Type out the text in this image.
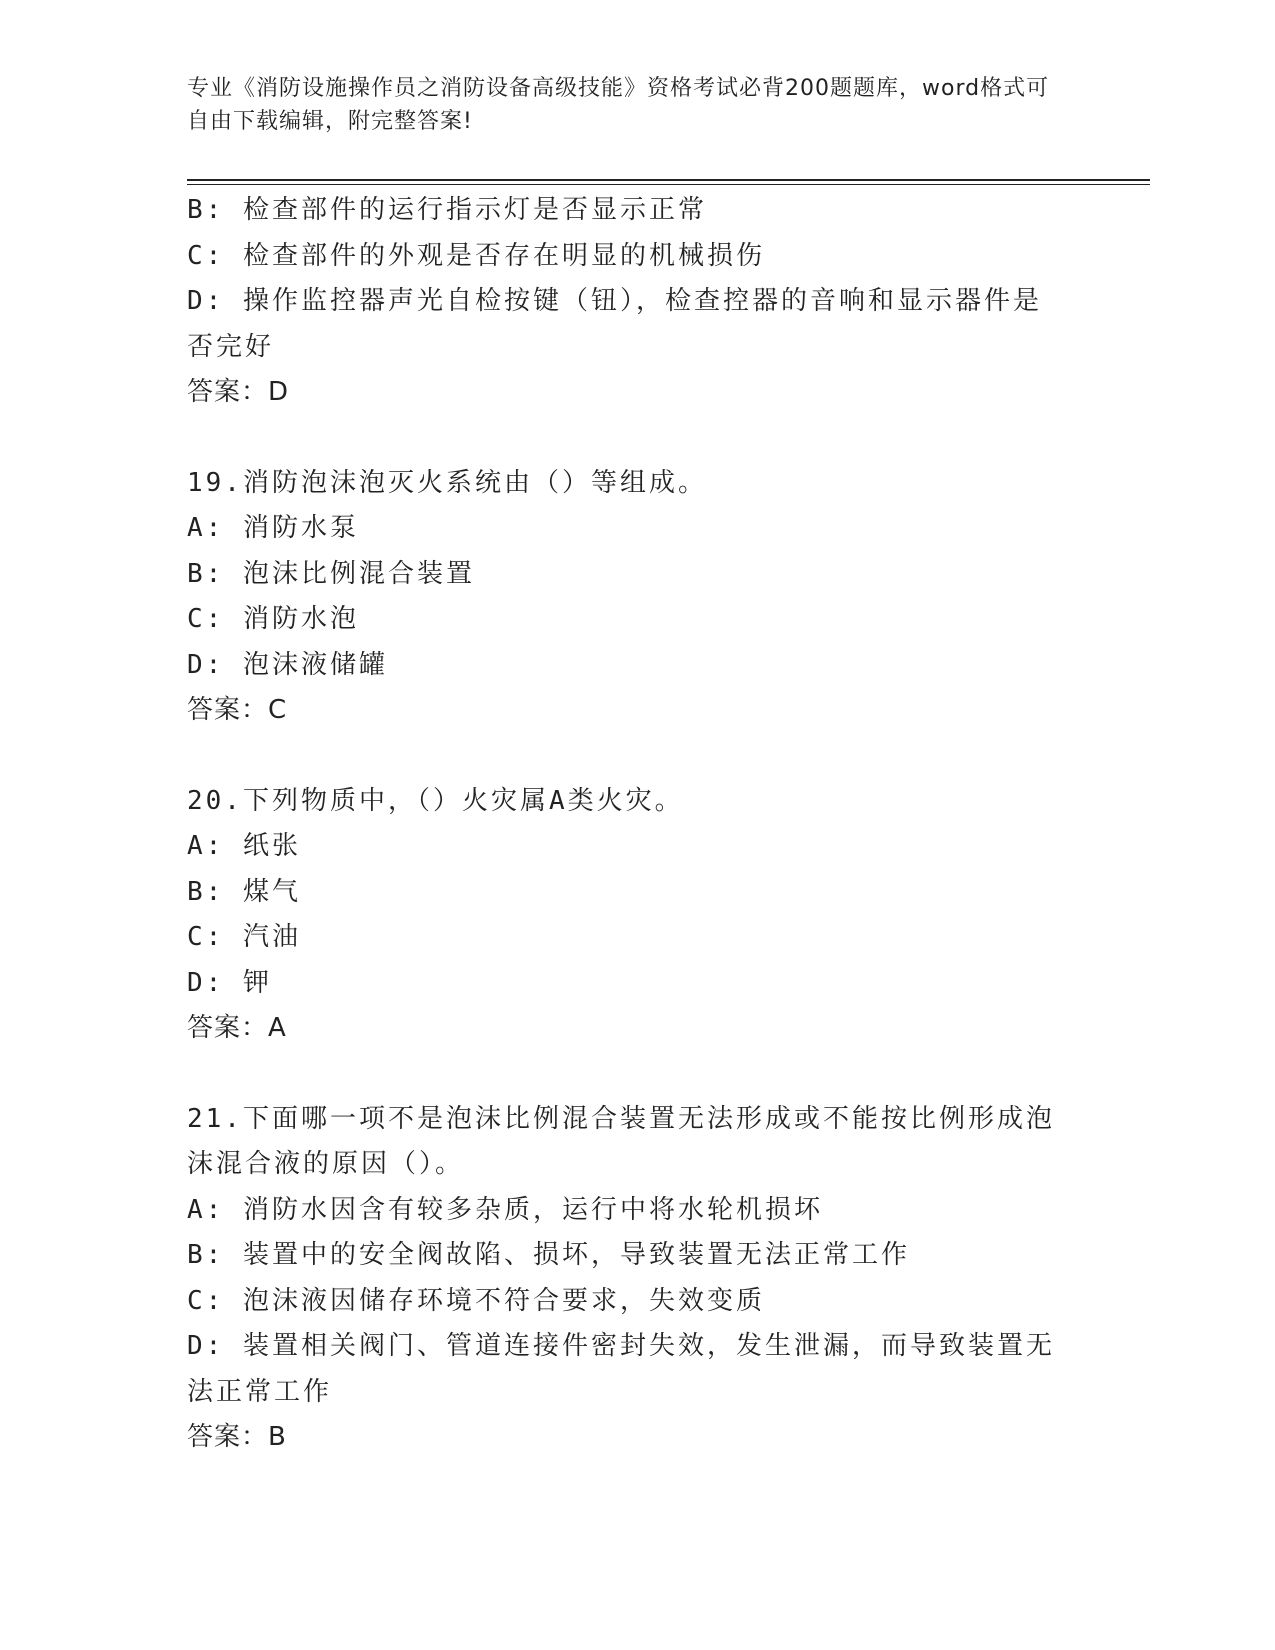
专业《消防设施操作员之消防设备高级技能》资格考试必背200题题库，word格式可自由下载编辑，附完整答案!
B: 检查部件的运行指示灯是否显示正常
C: 检查部件的外观是否存在明显的机械损伤
D: 操作监控器声光自检按键（钮），检查控器的音响和显示器件是否完好
答案：D
19.消防泡沫泡灭火系统由（）等组成。
A: 消防水泵
B: 泡沫比例混合装置
C: 消防水泡
D: 泡沫液储罐
答案：C
20.下列物质中，（）火灾属A类火灾。
A: 纸张
B: 煤气
C: 汽油
D: 钾
答案：A
21.下面哪一项不是泡沫比例混合装置无法形成或不能按比例形成泡沫混合液的原因（）。
A: 消防水因含有较多杂质，运行中将水轮机损坏
B: 装置中的安全阀故陷、损坏，导致装置无法正常工作
C: 泡沫液因储存环境不符合要求，失效变质
D: 装置相关阀门、管道连接件密封失效，发生泄漏，而导致装置无法正常工作
答案：B
